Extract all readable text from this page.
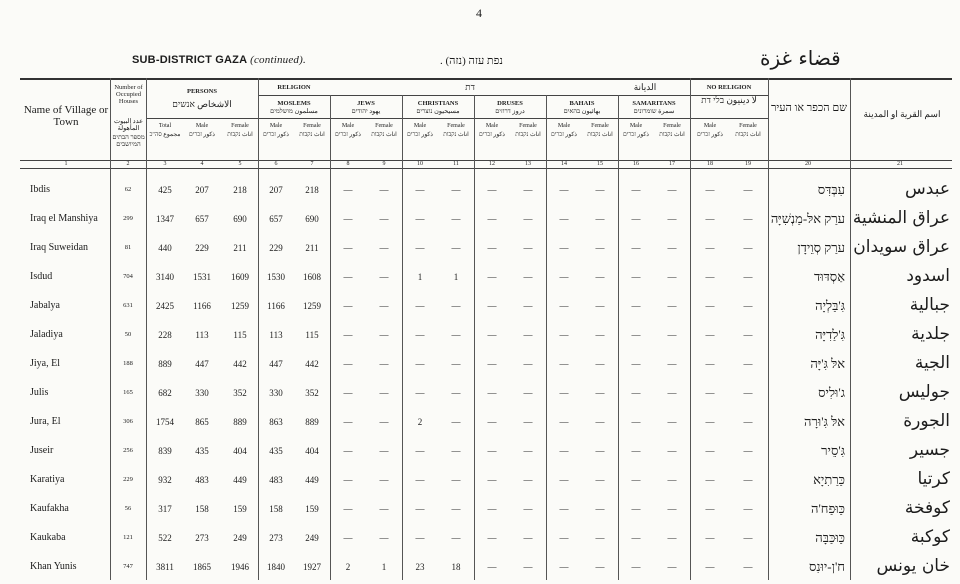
4
SUB-DISTRICT GAZA (continued).	נפת עזה (נזה) .	قضاء غزة
Name of Village or Town
Number of Occupied Houses
عدد البيوت المأهولة
מספר הבתים המיושבים
PERSONS
الاشخاص אנשים
RELIGION	דת	الديانة	NO RELIGION
لا دينيون בלי דת
MOSLEMS
مسلمون מושלמים
JEWS
يهود יהודים
CHRISTIANS
مسيحيون נוצרים
DRUSES
دروز דרוזים
BAHAIS
بهائيون בהאים
SAMARITANS
سمرة שומרונים	שם הכפר או העיר	اسم القرية او المدينة
Total
مجموع סה"כ
Male
ذكور זכרים
Female
اناث נקבות
Male
ذكور זכרים
Female
اناث נקבות
Male
ذكور זכרים
Female
اناث נקבות
Male
ذكور זכרים
Female
اناث נקבות
Male
ذكور זכרים
Female
اناث נקבות
Male
ذكور זכרים
Female
اناث נקבות
Male
ذكور זכרים
Female
اناث נקבות
Male
ذكور זכרים
Female
اناث נקבות
1	2	3	4	5	6	7	8	9	10	11	12	13	14	15	16	17	18	19	20	21
Ibdis	62	425	207	218	207	218	—	—	—	—	—	—	—	—	—	—	—	—	עִבְּדִּס	عبدس
Iraq el Manshiya	299	1347	657	690	657	690	—	—	—	—	—	—	—	—	—	—	—	—	ערַק אלּ-מַנְשִׁיָּה عراق المنشية
Iraq Suweidan	81	440	229	211	229	211	—	—	—	—	—	—	—	—	—	—	—	—	ערַק סְוֵידָן عراق سويدان
Isdud	704	3140	1531	1609	1530	1608	—	—	1	1	—	—	—	—	—	—	—	—	אַסְדּוּד	اسدود
Jabalya	631	2425	1166	1259	1166	1259	—	—	—	—	—	—	—	—	—	—	—	—	גִּ'בַּלְיָה	جبالية
Jaladiya	50	228	113	115	113	115	—	—	—	—	—	—	—	—	—	—	—	—	גִּ'לַדִיָּה	جلدية
Jiya, El	188	889	447	442	447	442	—	—	—	—	—	—	—	—	—	—	—	—	אלּ גִּ'יָּה	الجية
Julis	165	682	330	352	330	352	—	—	—	—	—	—	—	—	—	—	—	—	ג'וּלִיס	جوليس
Jura, El	306	1754	865	889	863	889	—	—	2	—	—	—	—	—	—	—	—	—	אלּ גִּ'וּרָה	الجورة
Juseir	256	839	435	404	435	404	—	—	—	—	—	—	—	—	—	—	—	—	גִּ'סֵיר	جسير
Karatiya	229	932	483	449	483	449	—	—	—	—	—	—	—	—	—	—	—	—	כַּרַתִיָא	كرتيا
Kaufakha	56	317	158	159	158	159	—	—	—	—	—	—	—	—	—	—	—	—	כַּוּפַח'ה	كوفخة
Kaukaba	121	522	273	249	273	249	—	—	—	—	—	—	—	—	—	—	—	—	כַּוּכַּבָּה	كوكبة
Khan Yunis	747	3811	1865	1946	1840	1927	2	1	23	18	—	—	—	—	—	—	—	—	ח'ן-יוּנִס	خان يونس
